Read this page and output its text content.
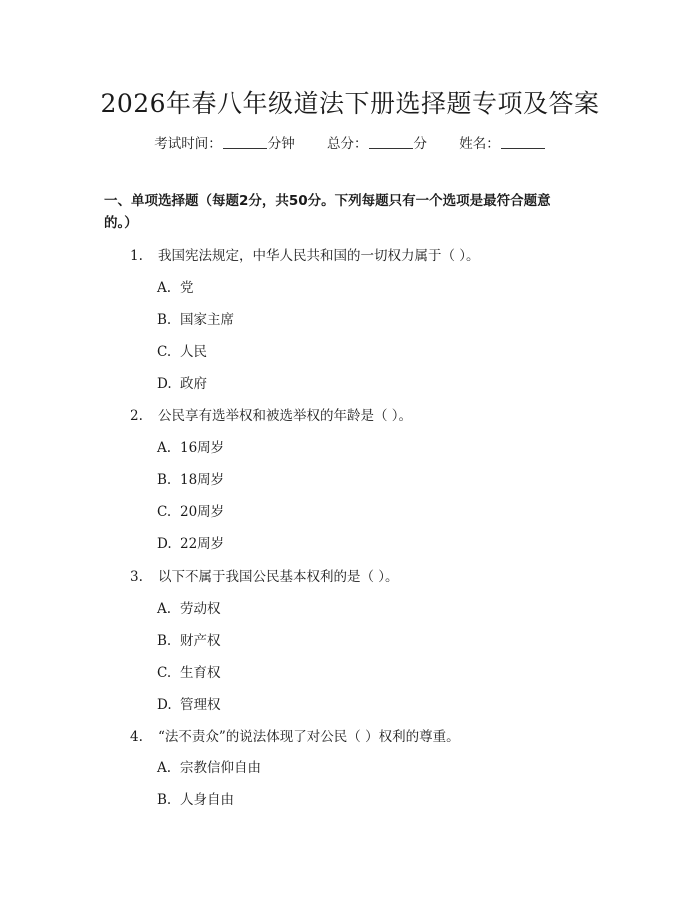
2026年春八年级道法下册选择题专项及答案
考试时间：	分钟 总分：	分 姓名：
一、单项选择题（每题2分，共50分。下列每题只有一个选项是最符合题意的。）
1. 我国宪法规定，中华人民共和国的一切权力属于（ ）。
A. 党
B. 国家主席
C. 人民
D. 政府
2. 公民享有选举权和被选举权的年龄是（ ）。
A. 16周岁
B. 18周岁
C. 20周岁
D. 22周岁
3. 以下不属于我国公民基本权利的是（ ）。
A. 劳动权
B. 财产权
C. 生育权
D. 管理权
4. “法不责众”的说法体现了对公民（ ）权利的尊重。
A. 宗教信仰自由
B. 人身自由
